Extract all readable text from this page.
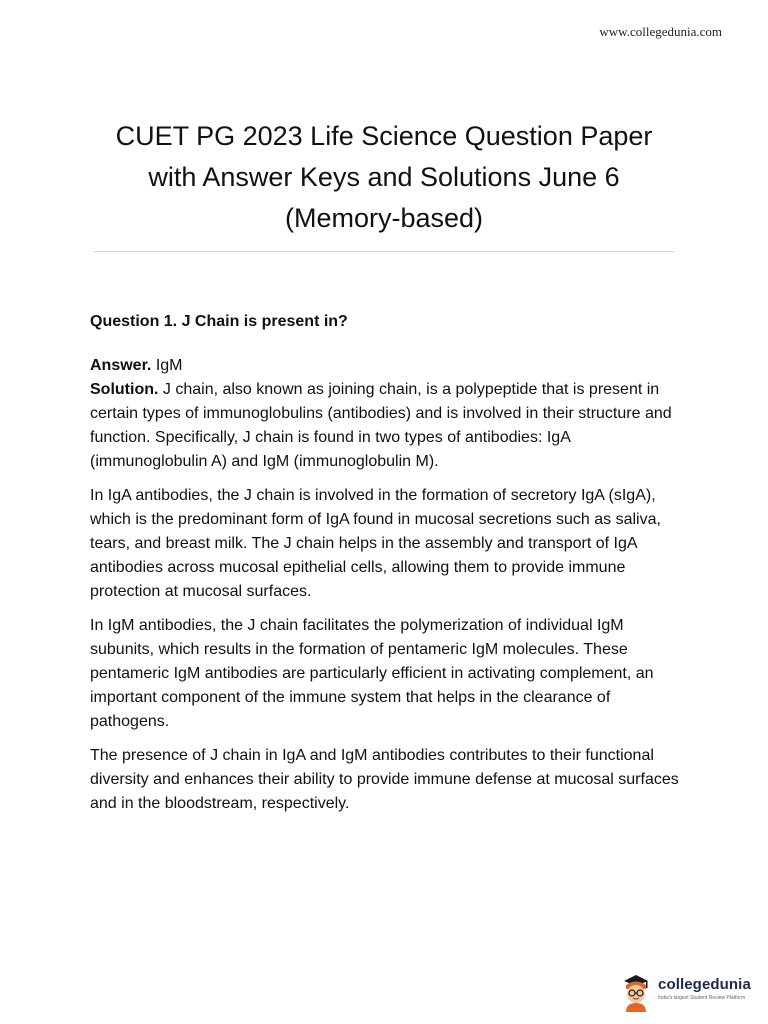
www.collegedunia.com
CUET PG 2023 Life Science Question Paper
with Answer Keys and Solutions June 6
(Memory-based)

Question 1. J Chain is present in?

Answer. IgM

Solution. J chain, also known as joining chain, is a polypeptide that is present in certain types of immunoglobulins (antibodies) and is involved in their structure and function. Specifically, J chain is found in two types of antibodies: IgA (immunoglobulin A) and IgM (immunoglobulin M).

In IgA antibodies, the J chain is involved in the formation of secretory IgA (sIgA), which is the predominant form of IgA found in mucosal secretions such as saliva, tears, and breast milk. The J chain helps in the assembly and transport of IgA antibodies across mucosal epithelial cells, allowing them to provide immune protection at mucosal surfaces.

In IgM antibodies, the J chain facilitates the polymerization of individual IgM subunits, which results in the formation of pentameric IgM molecules. These pentameric IgM antibodies are particularly efficient in activating complement, an important component of the immune system that helps in the clearance of pathogens.

The presence of J chain in IgA and IgM antibodies contributes to their functional diversity and enhances their ability to provide immune defense at mucosal surfaces and in the bloodstream, respectively.

collegedunia
India's largest Student Review Platform
